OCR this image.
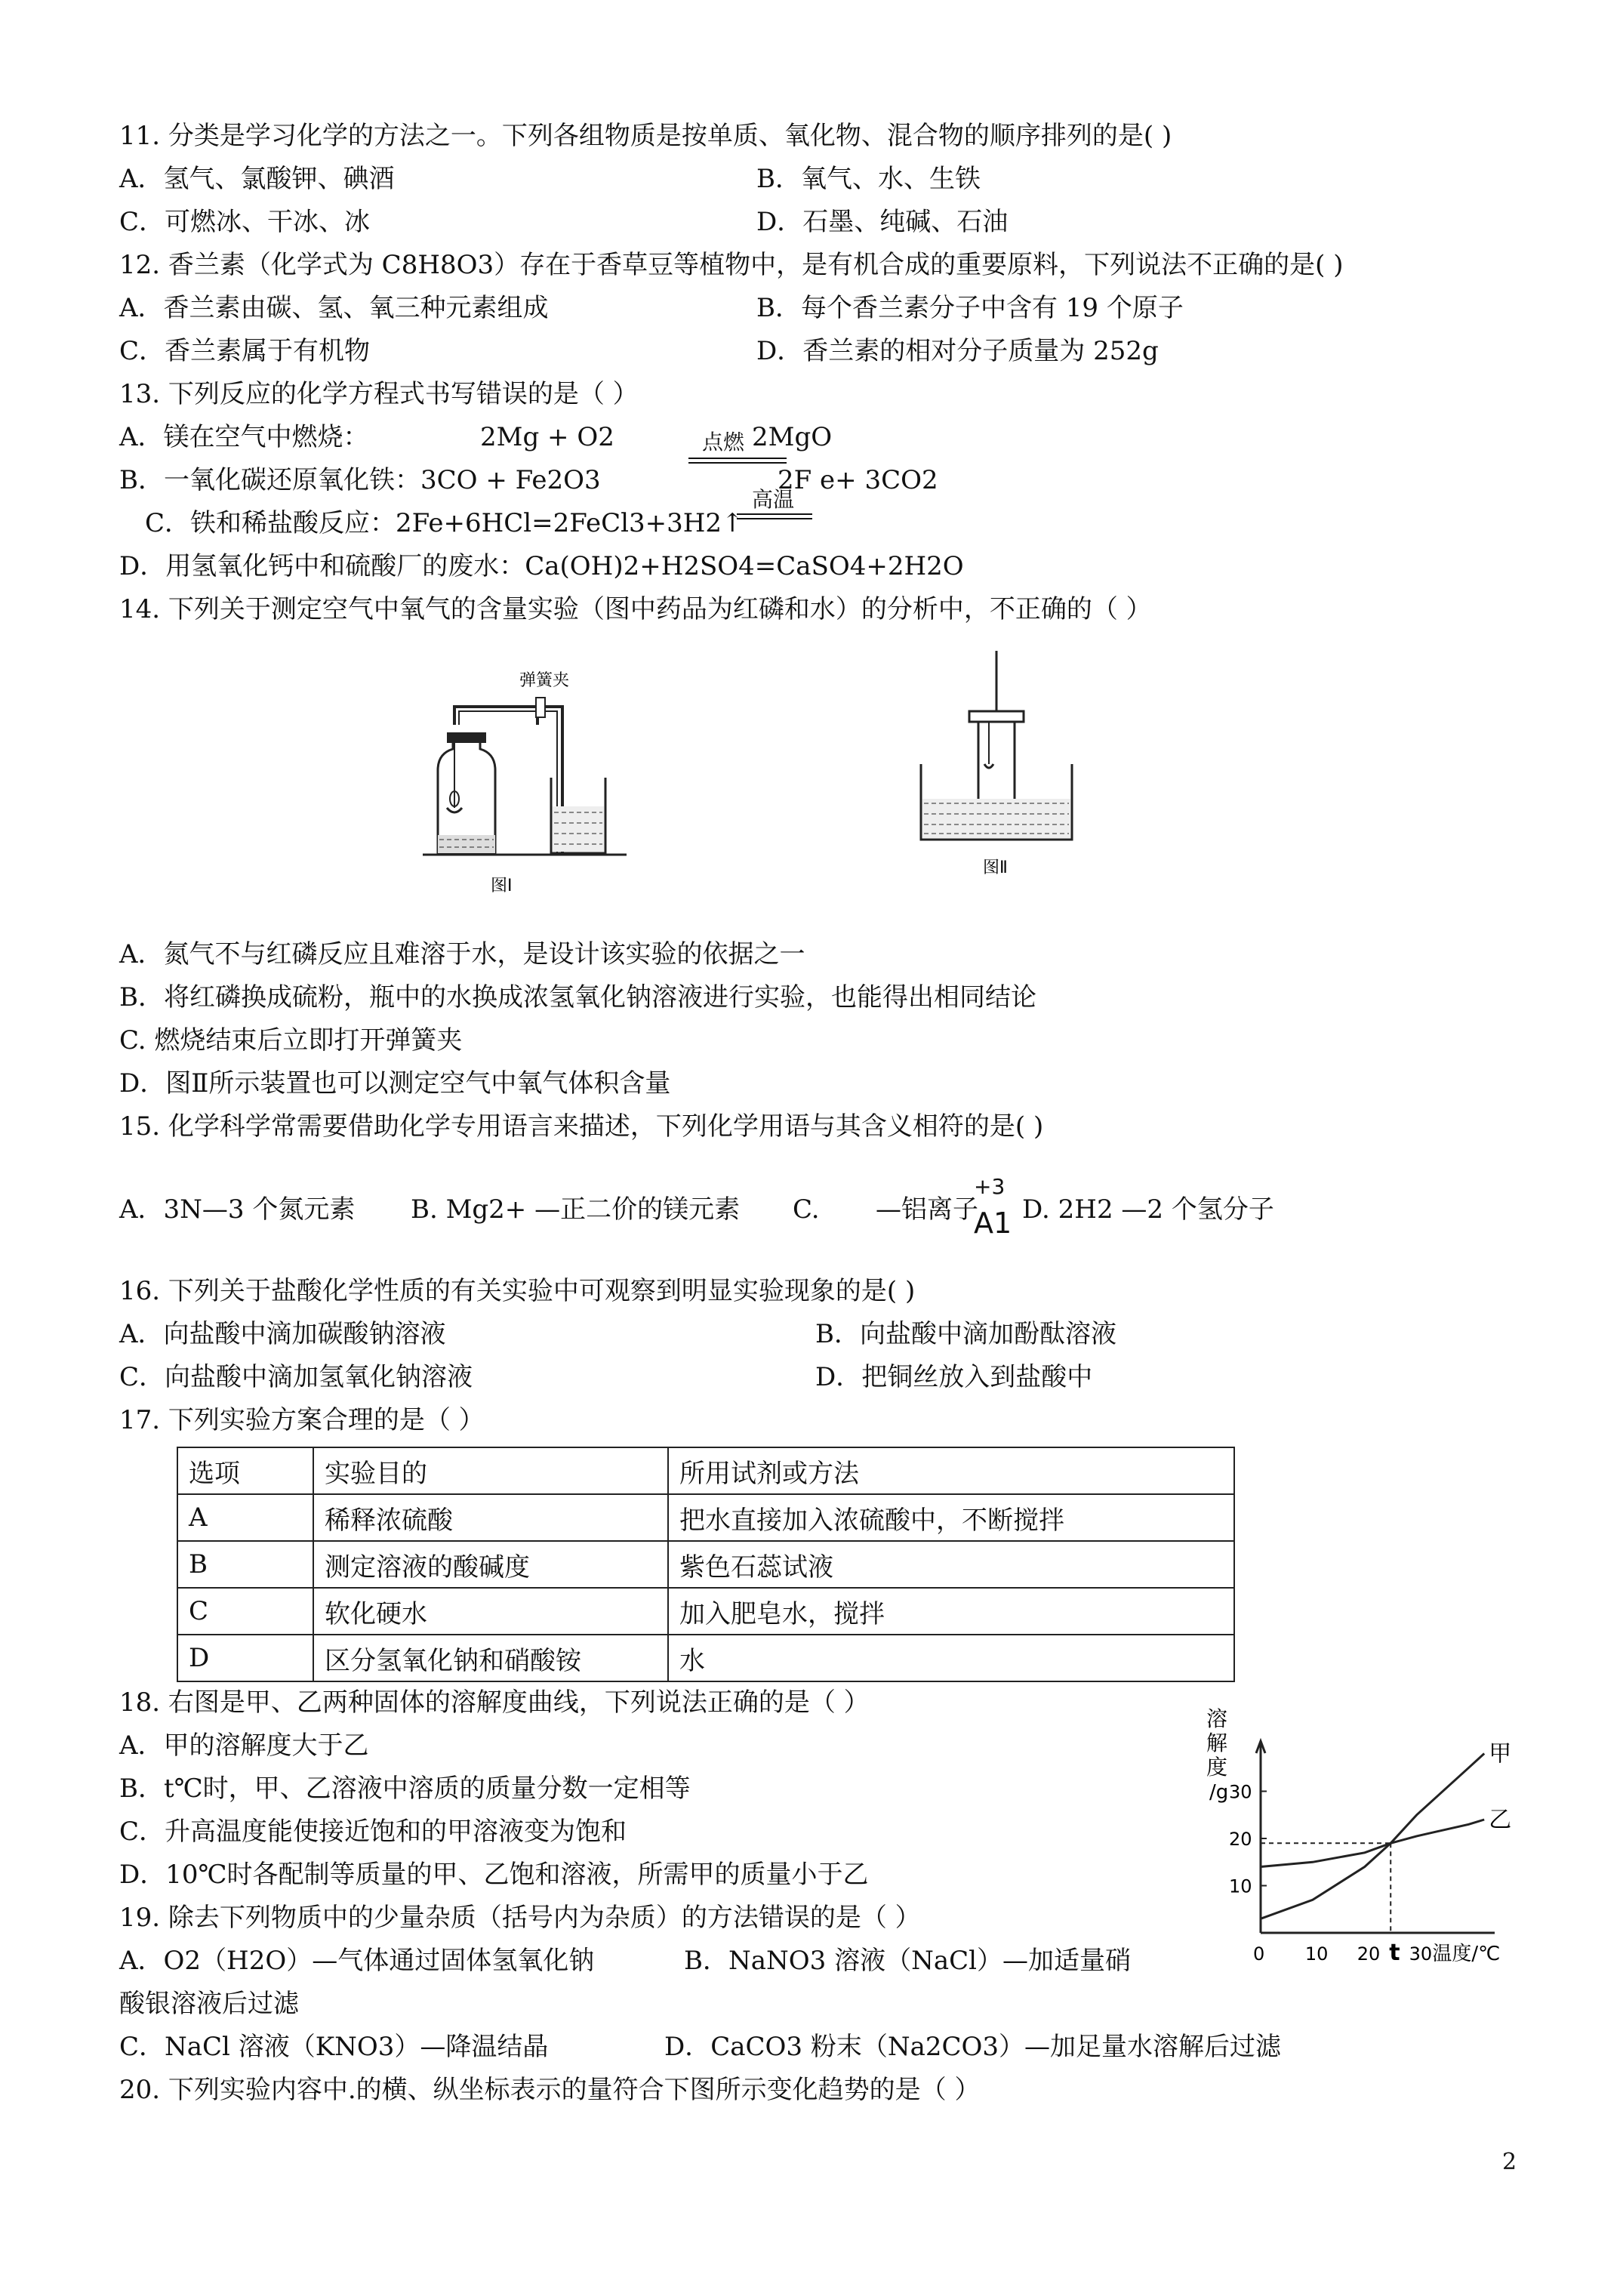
11. 分类是学习化学的方法之一。下列各组物质是按单质、氧化物、混合物的顺序排列的是( )
A．氢气、氯酸钾、碘酒	B．氧气、水、生铁
C．可燃冰、干冰、冰	D．石墨、纯碱、石油
12. 香兰素（化学式为 C8H8O3）存在于香草豆等植物中，是有机合成的重要原料，下列说法不正确的是( )
A．香兰素由碳、氢、氧三种元素组成	B．每个香兰素分子中含有 19 个原子
C．香兰素属于有机物	D．香兰素的相对分子质量为 252g
13. 下列反应的化学方程式书写错误的是（ ）
A．镁在空气中燃烧：	2Mg + O2	点燃 2MgO
B．一氧化碳还原氧化铁：3CO + Fe2O3	2F e+ 3CO2
高温
C．铁和稀盐酸反应：2Fe+6HCl=2FeCl3+3H2 ↑
D．用氢氧化钙中和硫酸厂的废水：Ca(OH)2+H2SO4=CaSO4+2H2O
14. 下列关于测定空气中氧气的含量实验（图中药品为红磷和水）的分析中，不正确的（ ）
弹簧夹
图Ⅰ
图Ⅱ
A．氮气不与红磷反应且难溶于水，是设计该实验的依据之一
B．将红磷换成硫粉，瓶中的水换成浓氢氧化钠溶液进行实验，也能得出相同结论
C. 燃烧结束后立即打开弹簧夹
D．图Ⅱ所示装置也可以测定空气中氧气体积含量
15. 化学科学常需要借助化学专用语言来描述，下列化学用语与其含义相符的是( )
A．3N—3 个氮元素 B. Mg2+ —正二价的镁元素 C. —铝离子
+3
A1 D. 2H2 —2 个氢分子
16. 下列关于盐酸化学性质的有关实验中可观察到明显实验现象的是( )
A．向盐酸中滴加碳酸钠溶液	B．向盐酸中滴加酚酞溶液
C．向盐酸中滴加氢氧化钠溶液	D．把铜丝放入到盐酸中
17. 下列实验方案合理的是（ ）
选项	实验目的	所用试剂或方法
A	稀释浓硫酸	把水直接加入浓硫酸中，不断搅拌
B	测定溶液的酸碱度	紫色石蕊试液
C	软化硬水	加入肥皂水，搅拌
D	区分氢氧化钠和硝酸铵	水
18. 右图是甲、乙两种固体的溶解度曲线，下列说法正确的是（ ）
A．甲的溶解度大于乙
B．t℃时，甲、乙溶液中溶质的质量分数一定相等
C．升高温度能使接近饱和的甲溶液变为饱和
D．10℃时各配制等质量的甲、乙饱和溶液，所需甲的质量小于乙
溶
解
度
/g
10
20
30
0 10 20 t 30 温度/℃
甲
乙
19. 除去下列物质中的少量杂质（括号内为杂质）的方法错误的是（ ）
A．O2（H2O）—气体通过固体氢氧化钠	B．NaNO3 溶液（NaCl）—加适量硝
酸银溶液后过滤
C．NaCl 溶液（KNO3）—降温结晶	D．CaCO3 粉末（Na2CO3）—加足量水溶解后过滤
20. 下列实验内容中.的横、纵坐标表示的量符合下图所示变化趋势的是（ ）
2
